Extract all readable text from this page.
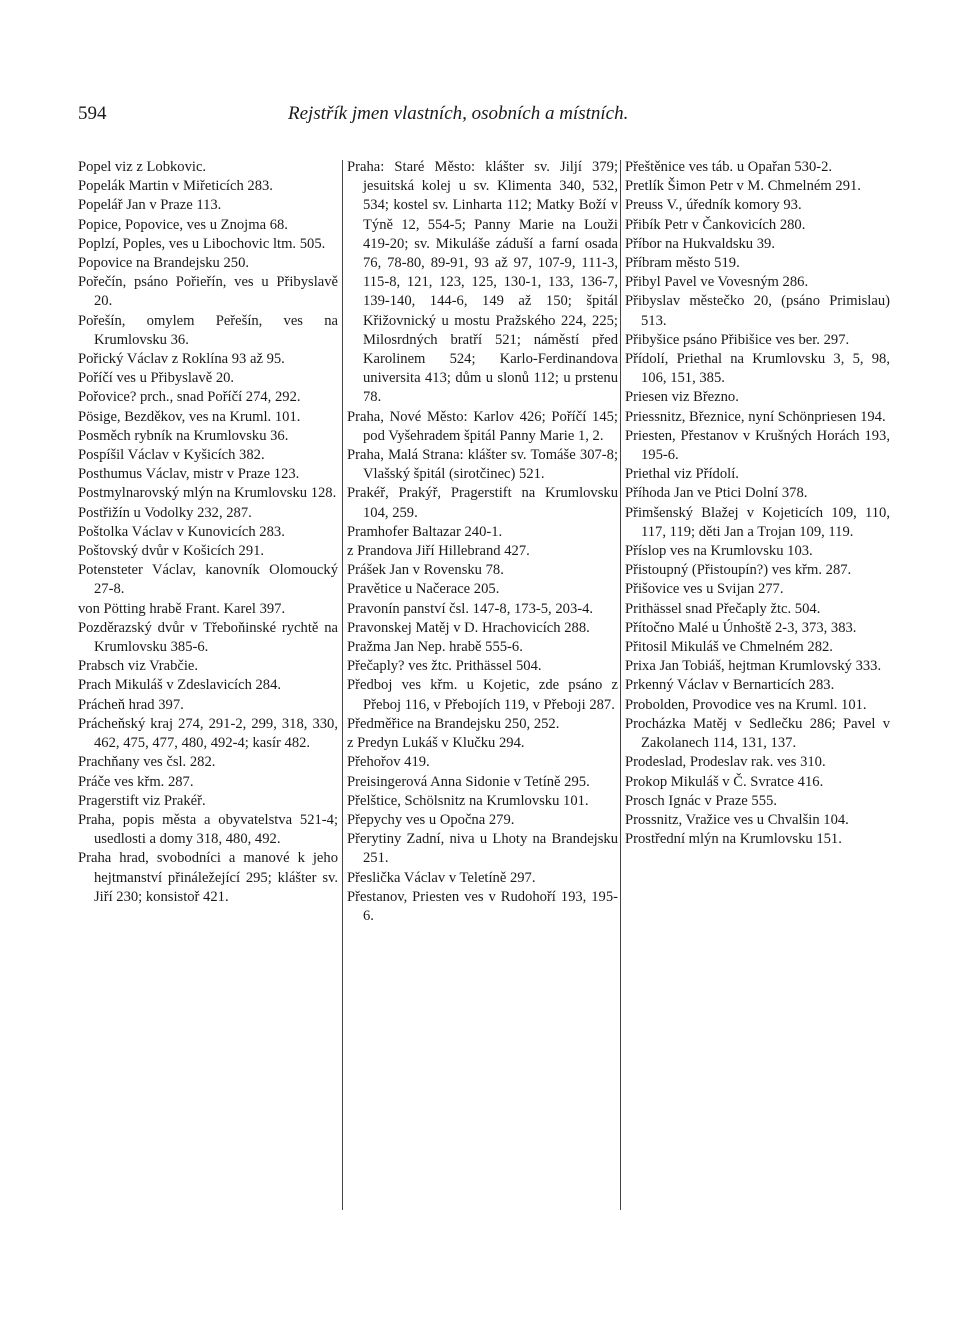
594	Rejstřík jmen vlastních, osobních a místních.

Popel viz z Lobkovic.

Popelák Martin v Miřeticích 283.

Popelář Jan v Praze 113.

Popice, Popovice, ves u Znojma 68.

Poplzí, Poples, ves u Libochovic ltm. 505.

Popovice na Brandejsku 250.

Pořečín, psáno Pořieřín, ves u Přibyslavě 20.

Pořešín, omylem Peřešín, ves na Krumlovsku 36.

Pořický Václav z Roklína 93 až 95.

Poříčí ves u Přibyslavě 20.

Pořovice? prch., snad Poříčí 274, 292.

Pösige, Bezděkov, ves na Kruml. 101.

Posměch rybník na Krumlovsku 36.

Pospíšil Václav v Kyšicích 382.

Posthumus Václav, mistr v Praze 123.

Postmylnarovský mlýn na Krumlovsku 128.

Postřižín u Vodolky 232, 287.

Poštolka Václav v Kunovicích 283.

Poštovský dvůr v Košicích 291.

Potensteter Václav, kanovník Olomoucký 27-8.

von Pötting hrabě Frant. Karel 397.

Pozděrazský dvůr v Třeboňinské rychtě na Krumlovsku 385-6.

Prabsch viz Vrabčie.

Prach Mikuláš v Zdeslavicích 284.

Prácheň hrad 397.

Prácheňský kraj 274, 291-2, 299, 318, 330, 462, 475, 477, 480, 492-4; kasír 482.

Prachňany ves čsl. 282.

Práče ves křm. 287.

Pragerstift viz Prakéř.

Praha, popis města a obyvatelstva 521-4; usedlosti a domy 318, 480, 492.

Praha hrad, svobodníci a manové k jeho hejtmanství přináležející 295; klášter sv. Jiří 230; konsistoř 421.

Praha: Staré Město: klášter sv. Jiljí 379; jesuitská kolej u sv. Klimenta 340, 532, 534; kostel sv. Linharta 112; Matky Boží v Týně 12, 554-5; Panny Marie na Louži 419-20; sv. Mikuláše záduší a farní osada 76, 78-80, 89-91, 93 až 97, 107-9, 111-3, 115-8, 121, 123, 125, 130-1, 133, 136-7, 139-140, 144-6, 149 až 150; špitál Křižovnický u mostu Pražského 224, 225; Milosrdných bratří 521; náměstí před Karolinem 524; Karlo-Ferdinandova universita 413; dům u slonů 112; u prstenu 78.

Praha, Nové Město: Karlov 426; Poříčí 145; pod Vyšehradem špitál Panny Marie 1, 2.

Praha, Malá Strana: klášter sv. Tomáše 307-8; Vlašský špitál (sirotčinec) 521.

Prakéř, Prakýř, Pragerstift na Krumlovsku 104, 259.

Pramhofer Baltazar 240-1.

z Prandova Jiří Hillebrand 427.

Prášek Jan v Rovensku 78.

Pravětice u Načerace 205.

Pravonín panství čsl. 147-8, 173-5, 203-4.

Pravonskej Matěj v D. Hrachovicích 288.

Pražma Jan Nep. hrabě 555-6.

Přečaply? ves žtc. Prithässel 504.

Předboj ves křm. u Kojetic, zde psáno z Přeboj 116, v Přebojích 119, v Přeboji 287.

Předměřice na Brandejsku 250, 252.

z Predyn Lukáš v Klučku 294.

Přehořov 419.

Preisingerová Anna Sidonie v Tetíně 295.

Přelštice, Schölsnitz na Krumlovsku 101.

Přepychy ves u Opočna 279.

Přerytiny Zadní, niva u Lhoty na Brandejsku 251.

Přeslička Václav v Teletíně 297.

Přestanov, Priesten ves v Rudohoří 193, 195-6.

Přeštěnice ves táb. u Opařan 530-2.

Pretlík Šimon Petr v M. Chmelném 291.

Preuss V., úředník komory 93.

Přibík Petr v Čankovicích 280.

Příbor na Hukvaldsku 39.

Příbram město 519.

Přibyl Pavel ve Vovesným 286.

Přibyslav městečko 20, (psáno Primislau) 513.

Přibyšice psáno Přibišice ves ber. 297.

Přídolí, Priethal na Krumlovsku 3, 5, 98, 106, 151, 385.

Priesen viz Březno.

Priessnitz, Březnice, nyní Schönpriesen 194.

Priesten, Přestanov v Krušných Horách 193, 195-6.

Priethal viz Přídolí.

Příhoda Jan ve Ptici Dolní 378.

Přimšenský Blažej v Kojeticích 109, 110, 117, 119; děti Jan a Trojan 109, 119.

Příslop ves na Krumlovsku 103.

Přistoupný (Přistoupín?) ves křm. 287.

Přišovice ves u Svijan 277.

Prithässel snad Přečaply žtc. 504.

Přítočno Malé u Únhoště 2-3, 373, 383.

Přitosil Mikuláš ve Chmelném 282.

Prixa Jan Tobiáš, hejtman Krumlovský 333.

Prkenný Václav v Bernarticích 283.

Probolden, Provodice ves na Kruml. 101.

Procházka Matěj v Sedlečku 286; Pavel v Zakolanech 114, 131, 137.

Prodeslad, Prodeslav rak. ves 310.

Prokop Mikuláš v Č. Svratce 416.

Prosch Ignác v Praze 555.

Prossnitz, Vražice ves u Chvalšin 104.

Prostřední mlýn na Krumlovsku 151.
